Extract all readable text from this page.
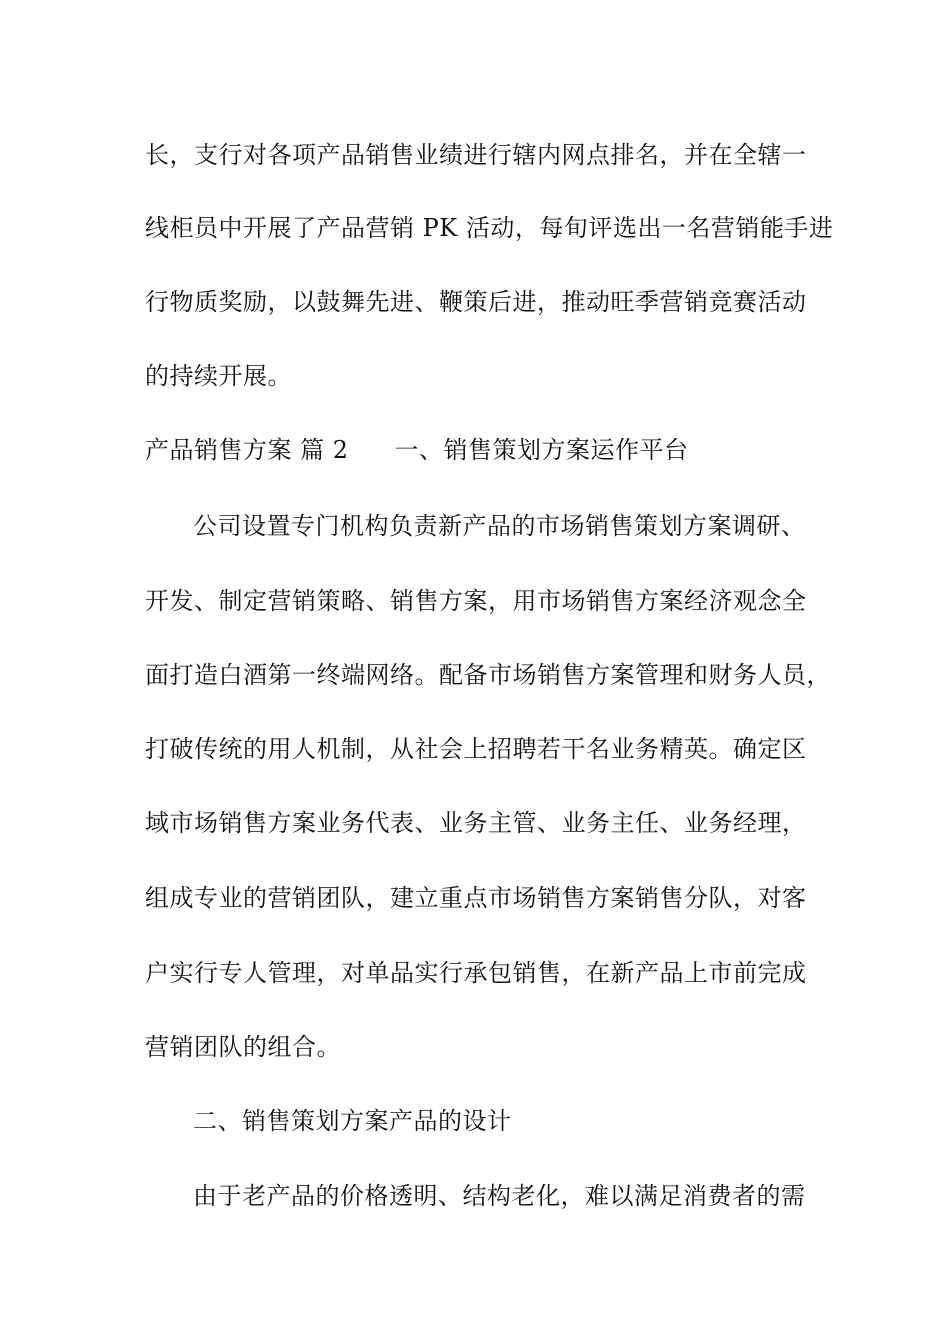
长，支行对各项产品销售业绩进行辖内网点排名，并在全辖一
线柜员中开展了产品营销 PK 活动，每旬评选出一名营销能手进
行物质奖励，以鼓舞先进、鞭策后进，推动旺季营销竞赛活动
的持续开展。
产品销售方案 篇 2 一、销售策划方案运作平台
公司设置专门机构负责新产品的市场销售策划方案调研、
开发、制定营销策略、销售方案，用市场销售方案经济观念全
面打造白酒第一终端网络。配备市场销售方案管理和财务人员，
打破传统的用人机制，从社会上招聘若干名业务精英。确定区
域市场销售方案业务代表、业务主管、业务主任、业务经理，
组成专业的营销团队，建立重点市场销售方案销售分队，对客
户实行专人管理，对单品实行承包销售，在新产品上市前完成
营销团队的组合。
二、销售策划方案产品的设计
由于老产品的价格透明、结构老化，难以满足消费者的需
